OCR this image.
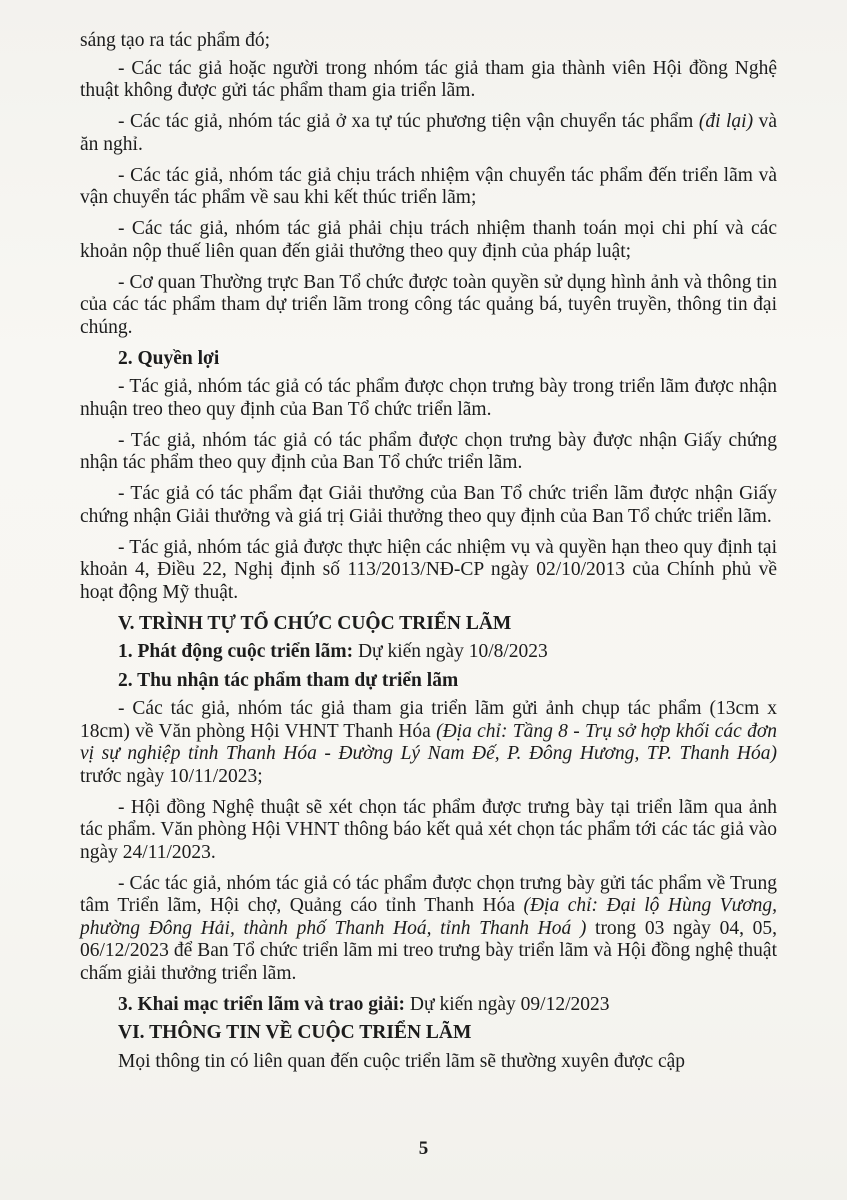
sáng tạo ra tác phẩm đó;

- Các tác giả hoặc người trong nhóm tác giả tham gia thành viên Hội đồng Nghệ thuật không được gửi tác phẩm tham gia triển lãm.

- Các tác giả, nhóm tác giả ở xa tự túc phương tiện vận chuyển tác phẩm (đi lại) và ăn nghỉ.

- Các tác giả, nhóm tác giả chịu trách nhiệm vận chuyển tác phẩm đến triển lãm và vận chuyển tác phẩm về sau khi kết thúc triển lãm;

- Các tác giả, nhóm tác giả phải chịu trách nhiệm thanh toán mọi chi phí và các khoản nộp thuế liên quan đến giải thưởng theo quy định của pháp luật;

- Cơ quan Thường trực Ban Tổ chức được toàn quyền sử dụng hình ảnh và thông tin của các tác phẩm tham dự triển lãm trong công tác quảng bá, tuyên truyền, thông tin đại chúng.

2. Quyền lợi

- Tác giả, nhóm tác giả có tác phẩm được chọn trưng bày trong triển lãm được nhận nhuận treo theo quy định của Ban Tổ chức triển lãm.

- Tác giả, nhóm tác giả có tác phẩm được chọn trưng bày được nhận Giấy chứng nhận tác phẩm theo quy định của Ban Tổ chức triển lãm.

- Tác giả có tác phẩm đạt Giải thưởng của Ban Tổ chức triển lãm được nhận Giấy chứng nhận Giải thưởng và giá trị Giải thưởng theo quy định của Ban Tổ chức triển lãm.

- Tác giả, nhóm tác giả được thực hiện các nhiệm vụ và quyền hạn theo quy định tại khoản 4, Điều 22, Nghị định số 113/2013/NĐ-CP ngày 02/10/2013 của Chính phủ về hoạt động Mỹ thuật.

V. TRÌNH TỰ TỔ CHỨC CUỘC TRIỂN LÃM

1. Phát động cuộc triển lãm: Dự kiến ngày 10/8/2023

2. Thu nhận tác phẩm tham dự triển lãm

- Các tác giả, nhóm tác giả tham gia triển lãm gửi ảnh chụp tác phẩm (13cm x 18cm) về Văn phòng Hội VHNT Thanh Hóa (Địa chỉ: Tầng 8 - Trụ sở hợp khối các đơn vị sự nghiệp tỉnh Thanh Hóa - Đường Lý Nam Đế, P. Đông Hương, TP. Thanh Hóa) trước ngày 10/11/2023;

- Hội đồng Nghệ thuật sẽ xét chọn tác phẩm được trưng bày tại triển lãm qua ảnh tác phẩm. Văn phòng Hội VHNT thông báo kết quả xét chọn tác phẩm tới các tác giả vào ngày 24/11/2023.

- Các tác giả, nhóm tác giả có tác phẩm được chọn trưng bày gửi tác phẩm về Trung tâm Triển lãm, Hội chợ, Quảng cáo tỉnh Thanh Hóa (Địa chỉ: Đại lộ Hùng Vương, phường Đông Hải, thành phố Thanh Hoá, tỉnh Thanh Hoá ) trong 03 ngày 04, 05, 06/12/2023 để Ban Tổ chức triển lãm mi treo trưng bày triển lãm và Hội đồng nghệ thuật chấm giải thưởng triển lãm.

3. Khai mạc triển lãm và trao giải: Dự kiến ngày 09/12/2023

VI. THÔNG TIN VỀ CUỘC TRIỂN LÃM

Mọi thông tin có liên quan đến cuộc triển lãm sẽ thường xuyên được cập

5
